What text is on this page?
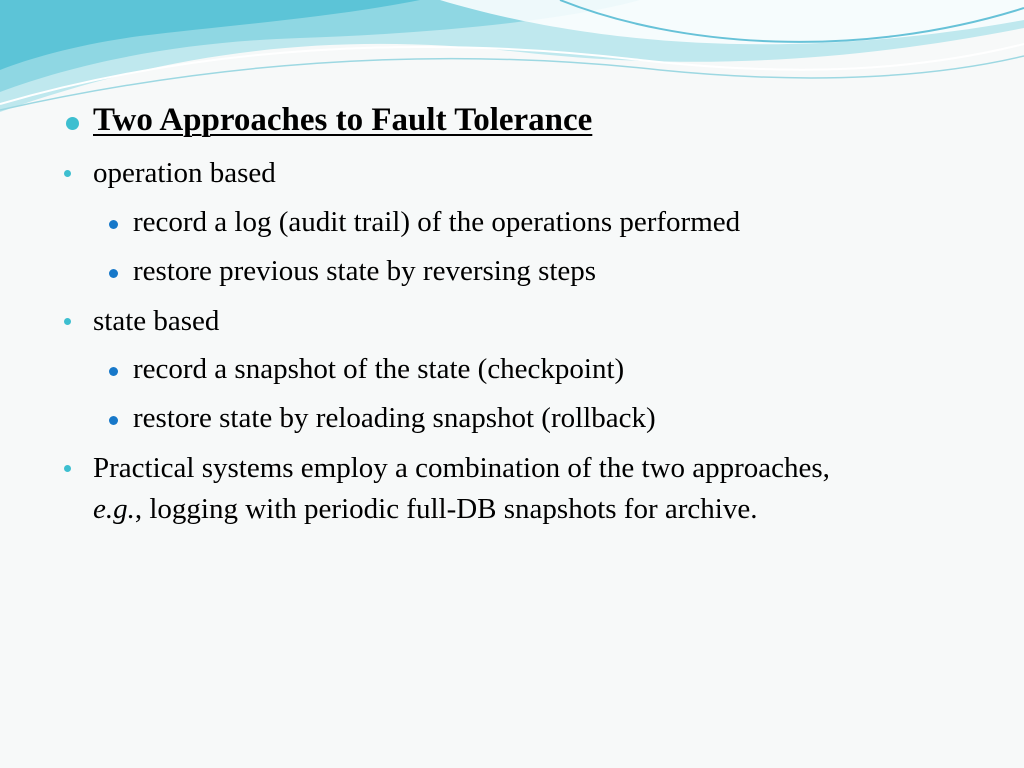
Two Approaches to Fault Tolerance
operation based
record a log (audit trail) of the operations performed
restore previous state by reversing steps
state based
record a snapshot of the state (checkpoint)
restore state by reloading snapshot (rollback)
Practical systems employ a combination of the two approaches,
e.g., logging with periodic full-DB snapshots for archive.
